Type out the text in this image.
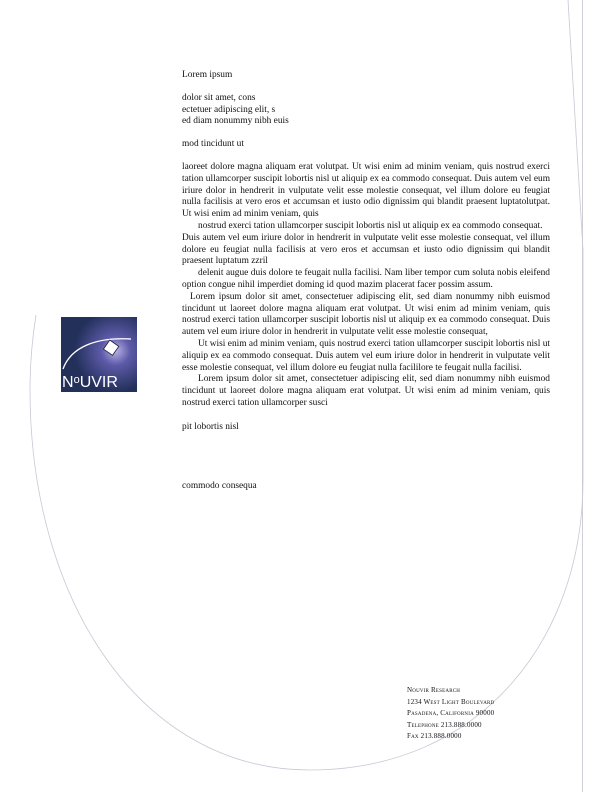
$N^oUVIR$

Lorem ipsum

dolor sit amet, cons
ectetuer adipiscing elit, s
ed diam nonummy nibh euis

mod tincidunt ut

laoreet dolore magna aliquam erat volutpat. Ut wisi enim ad minim veniam, quis nostrud exerci tation ullamcorper suscipit lobortis nisl ut aliquip ex ea commodo consequat. Duis autem vel eum iriure dolor in hendrerit in vulputate velit esse molestie consequat, vel illum dolore eu feugiat nulla facilisis at vero eros et accumsan et iusto odio dignissim qui blandit praesent luptatolutpat. Ut wisi enim ad minim veniam, quis

nostrud exerci tation ullamcorper suscipit lobortis nisl ut aliquip ex ea commodo consequat.

Duis autem vel eum iriure dolor in hendrerit in vulputate velit esse molestie consequat, vel illum dolore eu feugiat nulla facilisis at vero eros et accumsan et iusto odio dignissim qui blandit praesent luptatum zzril

delenit augue duis dolore te feugait nulla facilisi. Nam liber tempor cum soluta nobis eleifend option congue nihil imperdiet doming id quod mazim placerat facer possim assum.

Lorem ipsum dolor sit amet, consectetuer adipiscing elit, sed diam nonummy nibh euismod tincidunt ut laoreet dolore magna aliquam erat volutpat. Ut wisi enim ad minim veniam, quis nostrud exerci tation ullamcorper suscipit lobortis nisl ut aliquip ex ea commodo consequat. Duis autem vel eum iriure dolor in hendrerit in vulputate velit esse molestie consequat,

Ut wisi enim ad minim veniam, quis nostrud exerci tation ullamcorper suscipit lobortis nisl ut aliquip ex ea commodo consequat. Duis autem vel eum iriure dolor in hendrerit in vulputate velit esse molestie consequat, vel illum dolore eu feugiat nulla facililore te feugait nulla facilisi.

Lorem ipsum dolor sit amet, consectetuer adipiscing elit, sed diam nonummy nibh euismod tincidunt ut laoreet dolore magna aliquam erat volutpat. Ut wisi enim ad minim veniam, quis nostrud exerci tation ullamcorper susci

pit lobortis nisl

commodo consequa

Nouvir Research
1234 West Light Boulevard
Pasadena, California 90000
Telephone 213.888.0000
Fax 213.888.0000
